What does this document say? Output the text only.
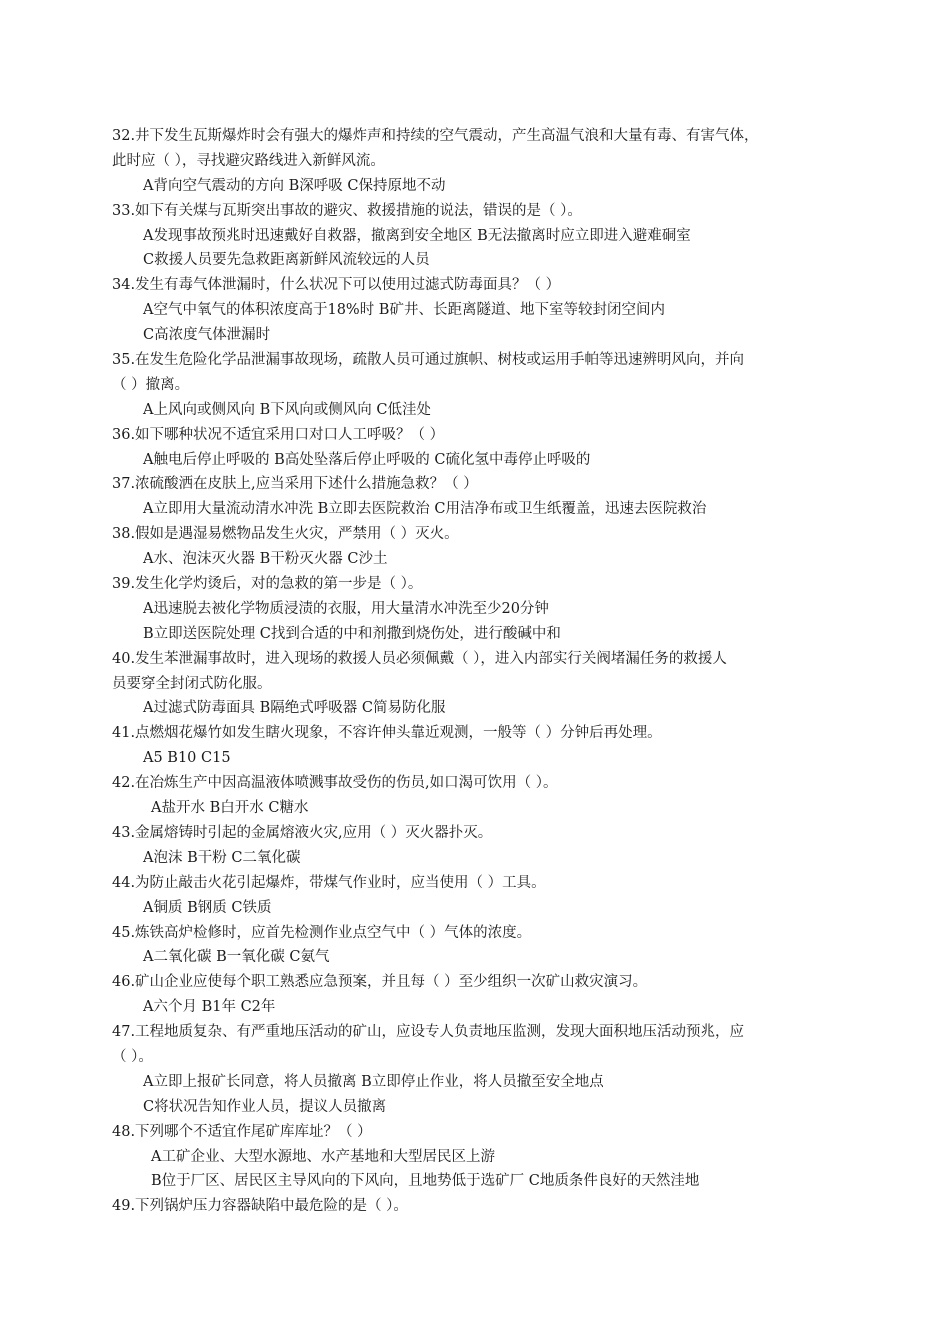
32.井下发生瓦斯爆炸时会有强大的爆炸声和持续的空气震动，产生高温气浪和大量有毒、有害气体，
此时应（ ），寻找避灾路线进入新鲜风流。
A背向空气震动的方向 B深呼吸 C保持原地不动
33.如下有关煤与瓦斯突出事故的避灾、救援措施的说法，错误的是（ ）。
A发现事故预兆时迅速戴好自救器，撤离到安全地区 B无法撤离时应立即进入避难硐室
C救援人员要先急救距离新鲜风流较远的人员
34.发生有毒气体泄漏时，什么状况下可以使用过滤式防毒面具？（ ）
A空气中氧气的体积浓度高于18%时 B矿井、长距离隧道、地下室等较封闭空间内
C高浓度气体泄漏时
35.在发生危险化学品泄漏事故现场，疏散人员可通过旗帜、树枝或运用手帕等迅速辨明风向，并向
（ ）撤离。
A上风向或侧风向 B下风向或侧风向 C低洼处
36.如下哪种状况不适宜采用口对口人工呼吸？（ ）
A触电后停止呼吸的 B高处坠落后停止呼吸的 C硫化氢中毒停止呼吸的
37.浓硫酸洒在皮肤上,应当采用下述什么措施急救？（ ）
A立即用大量流动清水冲洗 B立即去医院救治 C用洁净布或卫生纸覆盖，迅速去医院救治
38.假如是遇湿易燃物品发生火灾，严禁用（ ）灭火。
A水、泡沫灭火器 B干粉灭火器 C沙土
39.发生化学灼烫后，对的急救的第一步是（ ）。
A迅速脱去被化学物质浸渍的衣服，用大量清水冲洗至少20分钟
B立即送医院处理 C找到合适的中和剂撒到烧伤处，进行酸碱中和
40.发生苯泄漏事故时，进入现场的救援人员必须佩戴（ ），进入内部实行关阀堵漏任务的救援人
员要穿全封闭式防化服。
A过滤式防毒面具 B隔绝式呼吸器 C简易防化服
41.点燃烟花爆竹如发生瞎火现象，不容许伸头靠近观测，一般等（ ）分钟后再处理。
A5 B10 C15
42.在冶炼生产中因高温液体喷溅事故受伤的伤员,如口渴可饮用（ ）。
A盐开水 B白开水 C糖水
43.金属熔铸时引起的金属熔液火灾,应用（ ）灭火器扑灭。
A泡沫 B干粉 C二氧化碳
44.为防止敲击火花引起爆炸，带煤气作业时，应当使用（ ）工具。
A铜质 B钢质 C铁质
45.炼铁高炉检修时，应首先检测作业点空气中（ ）气体的浓度。
A二氧化碳 B一氧化碳 C氨气
46.矿山企业应使每个职工熟悉应急预案，并且每（ ）至少组织一次矿山救灾演习。
A六个月 B1年 C2年
47.工程地质复杂、有严重地压活动的矿山，应设专人负责地压监测，发现大面积地压活动预兆，应
（ ）。
A立即上报矿长同意，将人员撤离 B立即停止作业，将人员撤至安全地点
C将状况告知作业人员，提议人员撤离
48.下列哪个不适宜作尾矿库库址？（ ）
A工矿企业、大型水源地、水产基地和大型居民区上游
B位于厂区、居民区主导风向的下风向，且地势低于选矿厂 C地质条件良好的天然洼地
49.下列锅炉压力容器缺陷中最危险的是（ ）。
